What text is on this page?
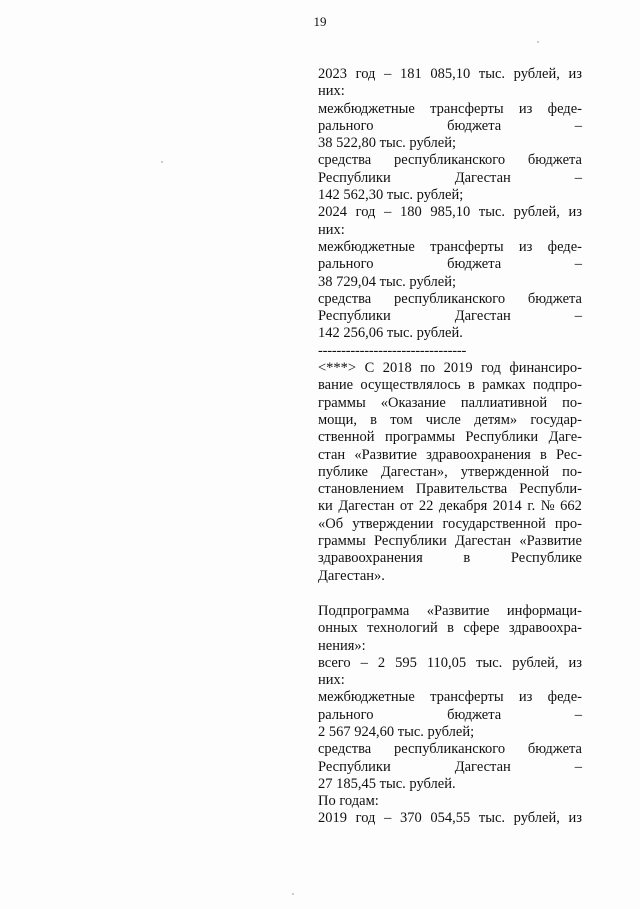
19
2023 год – 181 085,10 тыс. рублей, из
них:
межбюджетные трансферты из феде-
рального	бюджета	–
38 522,80 тыс. рублей;
средства республиканского бюджета
Республики	Дагестан	–
142 562,30 тыс. рублей;
2024 год – 180 985,10 тыс. рублей, из
них:
межбюджетные трансферты из феде-
рального	бюджета	–
38 729,04 тыс. рублей;
средства республиканского бюджета
Республики	Дагестан	–
142 256,06 тыс. рублей.
--------------------------------
<***> С 2018 по 2019 год финансиро-
вание осуществлялось в рамках подпро-
граммы «Оказание паллиативной по-
мощи, в том числе детям» государ-
ственной программы Республики Даге-
стан «Развитие здравоохранения в Рес-
публике Дагестан», утвержденной по-
становлением Правительства Республи-
ки Дагестан от 22 декабря 2014 г. № 662
«Об утверждении государственной про-
граммы Республики Дагестан «Развитие
здравоохранения	в	Республике
Дагестан».
Подпрограмма «Развитие информаци-
онных технологий в сфере здравоохра-
нения»:
всего – 2 595 110,05 тыс. рублей, из
них:
межбюджетные трансферты из феде-
рального	бюджета	–
2 567 924,60 тыс. рублей;
средства республиканского бюджета
Республики	Дагестан	–
27 185,45 тыс. рублей.
По годам:
2019 год – 370 054,55 тыс. рублей, из
